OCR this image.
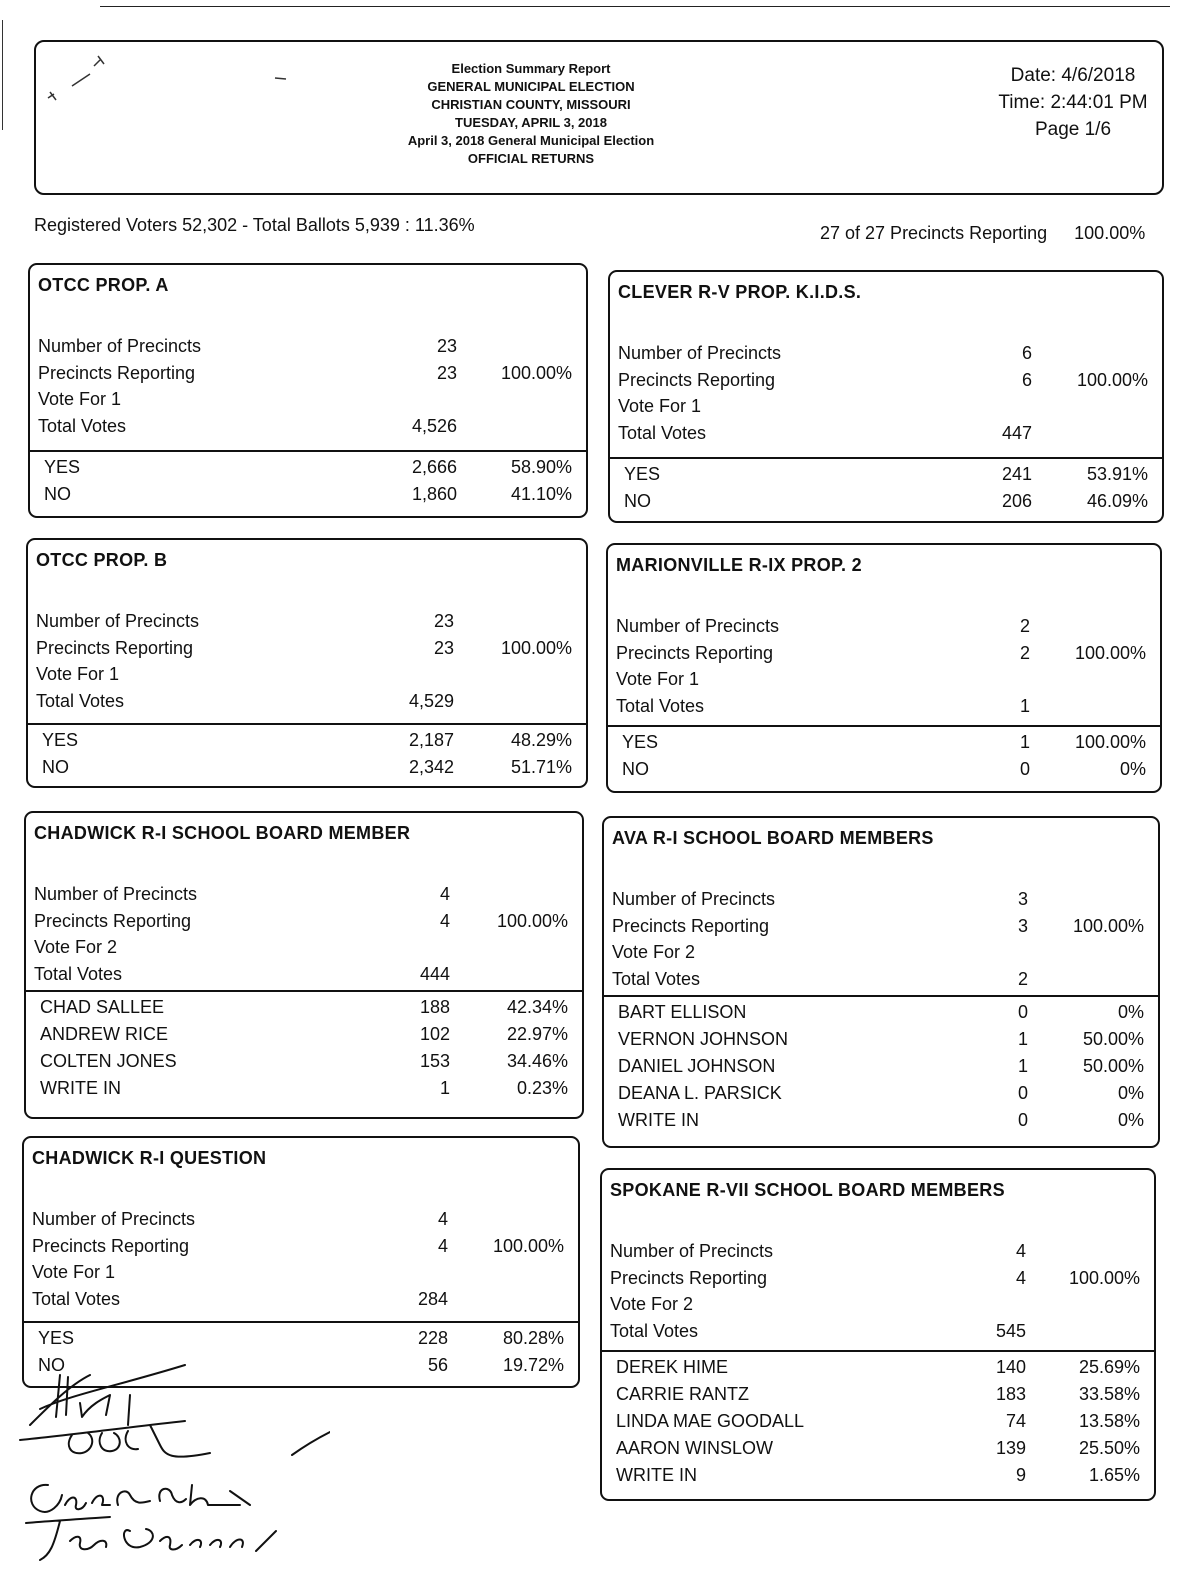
Election Summary Report
GENERAL MUNICIPAL ELECTION
CHRISTIAN COUNTY, MISSOURI
TUESDAY, APRIL 3, 2018
April 3, 2018 General Municipal Election
OFFICIAL RETURNS
Date: 4/6/2018
Time: 2:44:01 PM
Page 1/6
Registered Voters 52,302 - Total Ballots 5,939 : 11.36%	27 of 27 Precincts Reporting 100.00%
OTCC PROP. A
Number of Precincts	23
Precincts Reporting	23	100.00%
Vote For 1
Total Votes	4,526
YES	2,666	58.90%
NO	1,860	41.10%
CLEVER R-V PROP. K.I.D.S.
Number of Precincts	6
Precincts Reporting	6	100.00%
Vote For 1
Total Votes	447
YES	241	53.91%
NO	206	46.09%
OTCC PROP. B
Number of Precincts	23
Precincts Reporting	23	100.00%
Vote For 1
Total Votes	4,529
YES	2,187	48.29%
NO	2,342	51.71%
MARIONVILLE R-IX PROP. 2
Number of Precincts	2
Precincts Reporting	2	100.00%
Vote For 1
Total Votes	1
YES	1	100.00%
NO	0	0%
CHADWICK R-I SCHOOL BOARD MEMBER
Number of Precincts	4
Precincts Reporting	4	100.00%
Vote For 2
Total Votes	444
CHAD SALLEE	188	42.34%
ANDREW RICE	102	22.97%
COLTEN JONES	153	34.46%
WRITE IN	1	0.23%
AVA R-I SCHOOL BOARD MEMBERS
Number of Precincts	3
Precincts Reporting	3	100.00%
Vote For 2
Total Votes	2
BART ELLISON	0	0%
VERNON JOHNSON	1	50.00%
DANIEL JOHNSON	1	50.00%
DEANA L. PARSICK	0	0%
WRITE IN	0	0%
CHADWICK R-I QUESTION
Number of Precincts	4
Precincts Reporting	4	100.00%
Vote For 1
Total Votes	284
YES	228	80.28%
NO	56	19.72%
SPOKANE R-VII SCHOOL BOARD MEMBERS
Number of Precincts	4
Precincts Reporting	4	100.00%
Vote For 2
Total Votes	545
DEREK HIME	140	25.69%
CARRIE RANTZ	183	33.58%
LINDA MAE GOODALL	74	13.58%
AARON WINSLOW	139	25.50%
WRITE IN	9	1.65%
